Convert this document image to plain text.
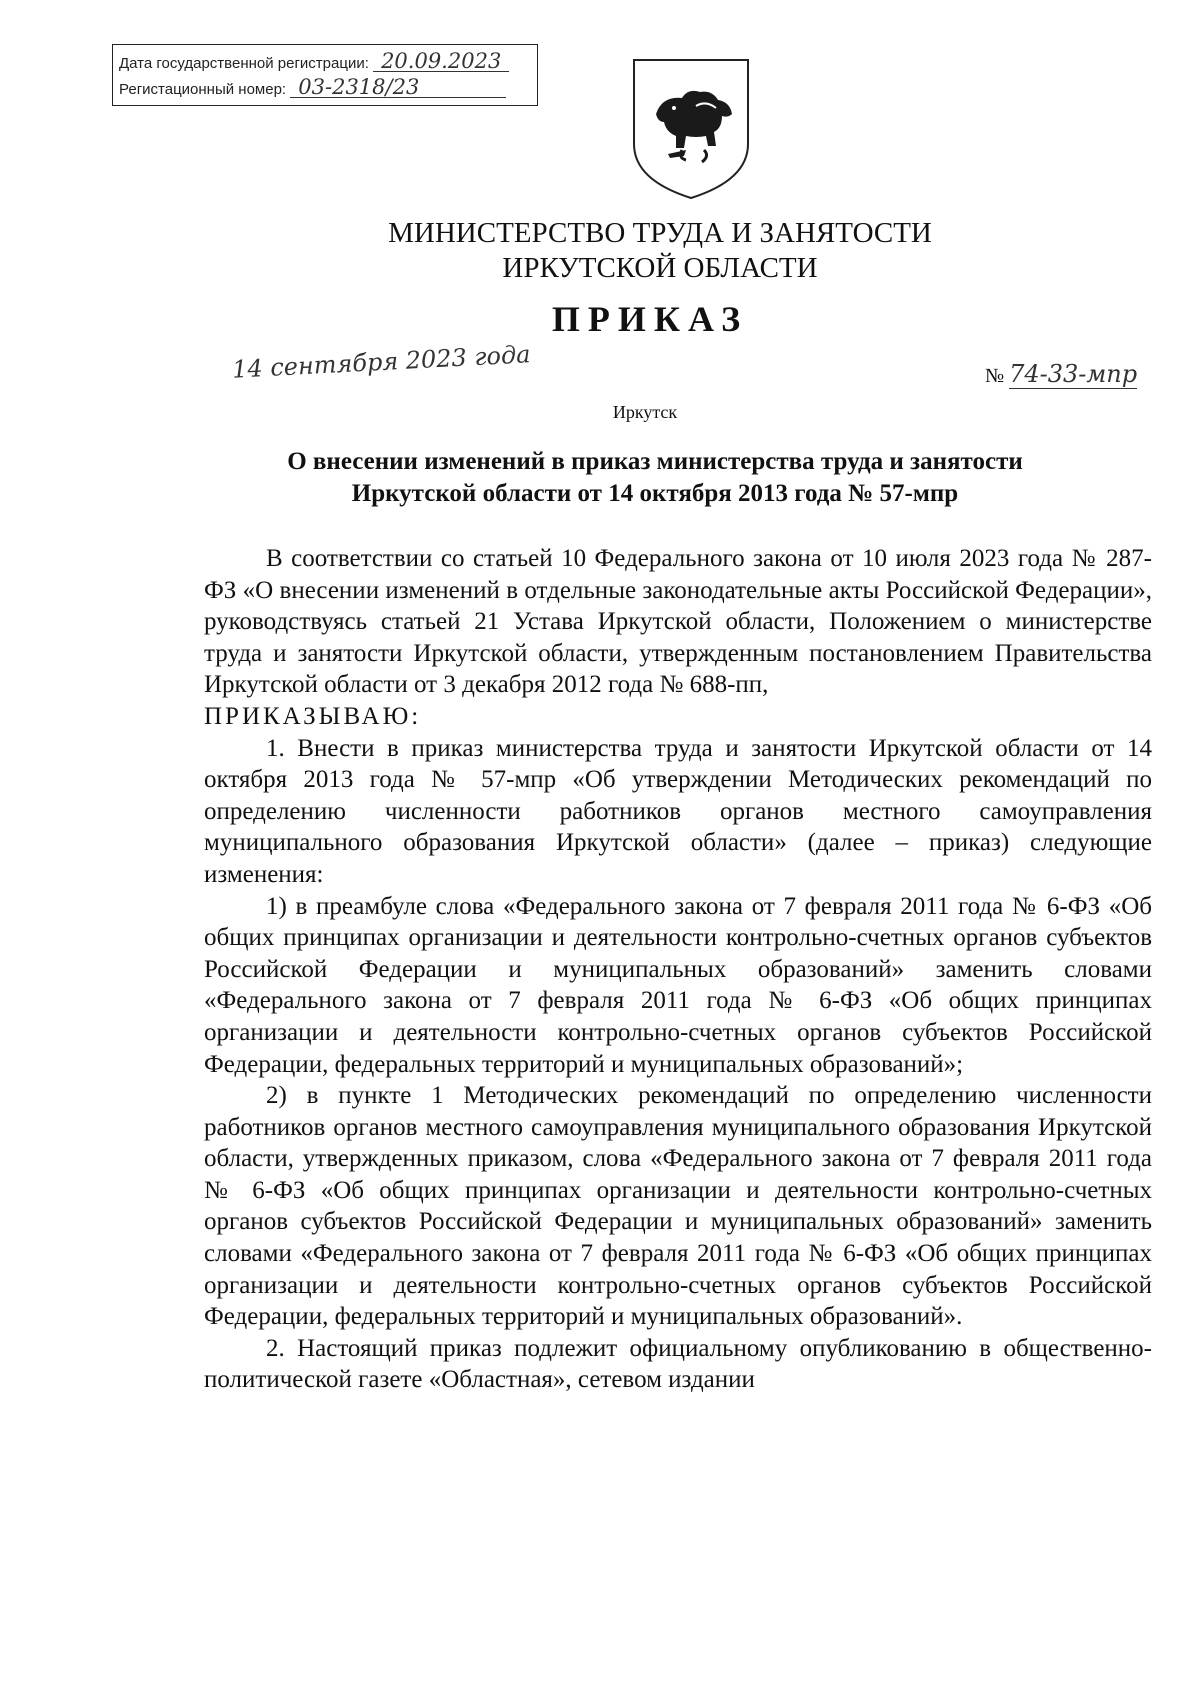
Дата государственной регистрации: 20.09.2023
Регистационный номер: 03-2318/23
МИНИСТЕРСТВО ТРУДА И ЗАНЯТОСТИ
ИРКУТСКОЙ ОБЛАСТИ
ПРИКАЗ
14 сентября 2023 года	№ 74-33-мпр
Иркутск
О внесении изменений в приказ министерства труда и занятости
Иркутской области от 14 октября 2013 года № 57-мпр

В соответствии со статьей 10 Федерального закона от 10 июля 2023 года № 287-ФЗ «О внесении изменений в отдельные законодательные акты Российской Федерации», руководствуясь статьей 21 Устава Иркутской области, Положением о министерстве труда и занятости Иркутской области, утвержденным постановлением Правительства Иркутской области от 3 декабря 2012 года № 688-пп,

ПРИКАЗЫВАЮ:

1. Внести в приказ министерства труда и занятости Иркутской области от 14 октября 2013 года № 57-мпр «Об утверждении Методических рекомендаций по определению численности работников органов местного самоуправления муниципального образования Иркутской области» (далее – приказ) следующие изменения:

1) в преамбуле слова «Федерального закона от 7 февраля 2011 года № 6-ФЗ «Об общих принципах организации и деятельности контрольно-счетных органов субъектов Российской Федерации и муниципальных образований» заменить словами «Федерального закона от 7 февраля 2011 года № 6-ФЗ «Об общих принципах организации и деятельности контрольно-счетных органов субъектов Российской Федерации, федеральных территорий и муниципальных образований»;

2) в пункте 1 Методических рекомендаций по определению численности работников органов местного самоуправления муниципального образования Иркутской области, утвержденных приказом, слова «Федерального закона от 7 февраля 2011 года № 6-ФЗ «Об общих принципах организации и деятельности контрольно-счетных органов субъектов Российской Федерации и муниципальных образований» заменить словами «Федерального закона от 7 февраля 2011 года № 6-ФЗ «Об общих принципах организации и деятельности контрольно-счетных органов субъектов Российской Федерации, федеральных территорий и муниципальных образований».

2. Настоящий приказ подлежит официальному опубликованию в общественно-политической газете «Областная», сетевом издании
